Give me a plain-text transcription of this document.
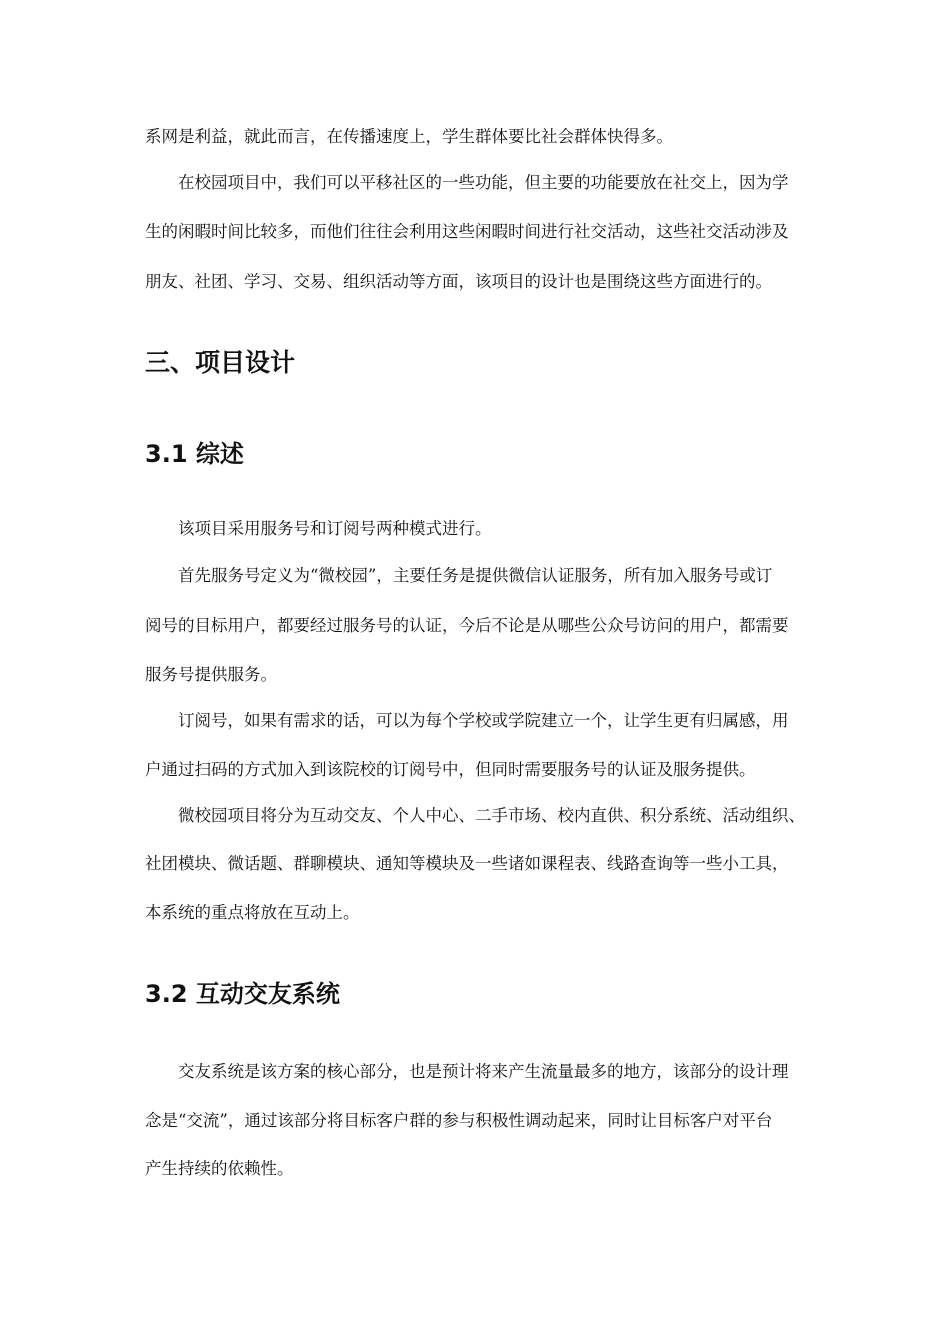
系网是利益，就此而言，在传播速度上，学生群体要比社会群体快得多。

在校园项目中，我们可以平移社区的一些功能，但主要的功能要放在社交上，因为学

生的闲暇时间比较多，而他们往往会利用这些闲暇时间进行社交活动，这些社交活动涉及

朋友、社团、学习、交易、组织活动等方面，该项目的设计也是围绕这些方面进行的。

三、项目设计
3.1 综述

该项目采用服务号和订阅号两种模式进行。

首先服务号定义为“微校园”，主要任务是提供微信认证服务，所有加入服务号或订

阅号的目标用户，都要经过服务号的认证，今后不论是从哪些公众号访问的用户，都需要

服务号提供服务。

订阅号，如果有需求的话，可以为每个学校或学院建立一个，让学生更有归属感，用

户通过扫码的方式加入到该院校的订阅号中，但同时需要服务号的认证及服务提供。

微校园项目将分为互动交友、个人中心、二手市场、校内直供、积分系统、活动组织、

社团模块、微话题、群聊模块、通知等模块及一些诸如课程表、线路查询等一些小工具，

本系统的重点将放在互动上。

3.2 互动交友系统

交友系统是该方案的核心部分，也是预计将来产生流量最多的地方，该部分的设计理

念是“交流”，通过该部分将目标客户群的参与积极性调动起来，同时让目标客户对平台

产生持续的依赖性。
